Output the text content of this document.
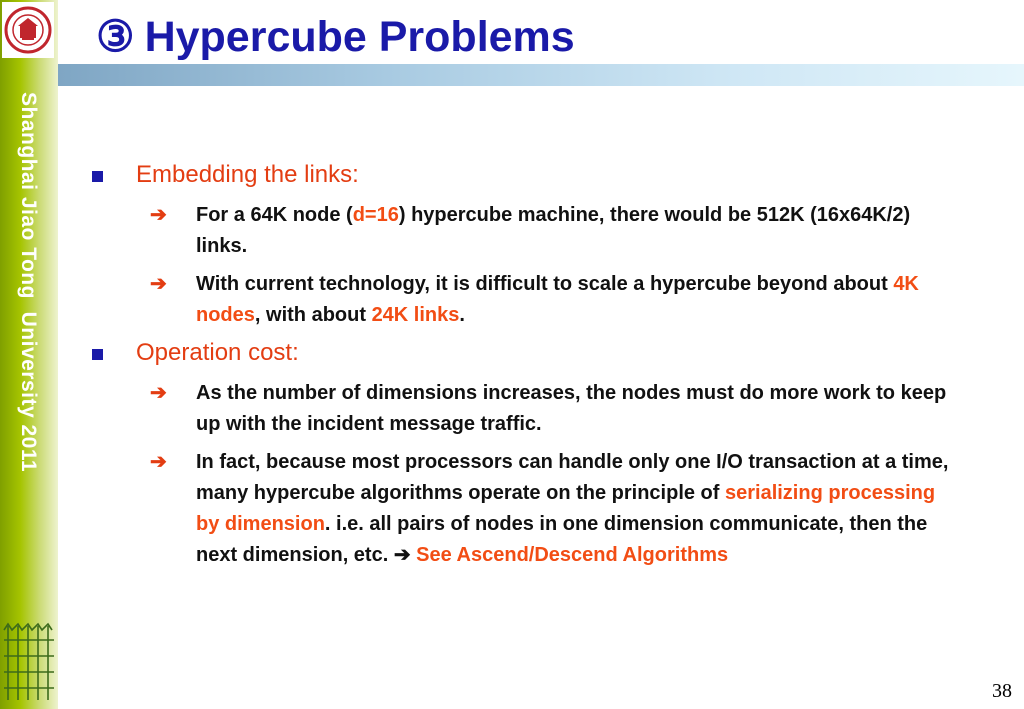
Shanghai Jiao Tong  University 2011
③ Hypercube Problems
Embedding the links:
➔ For a 64K node (d=16) hypercube machine, there would be 512K (16x64K/2) links.
➔ With current technology, it is difficult to scale a hypercube beyond about 4K nodes, with about 24K links.
Operation cost:
➔ As the number of dimensions increases, the nodes must do more work to keep up with the incident message traffic.
➔ In fact, because most processors can handle only one I/O transaction at a time, many hypercube algorithms operate on the principle of serializing processing by dimension. i.e. all pairs of nodes in one dimension communicate, then the next dimension, etc. ➔ See Ascend/Descend Algorithms
38
